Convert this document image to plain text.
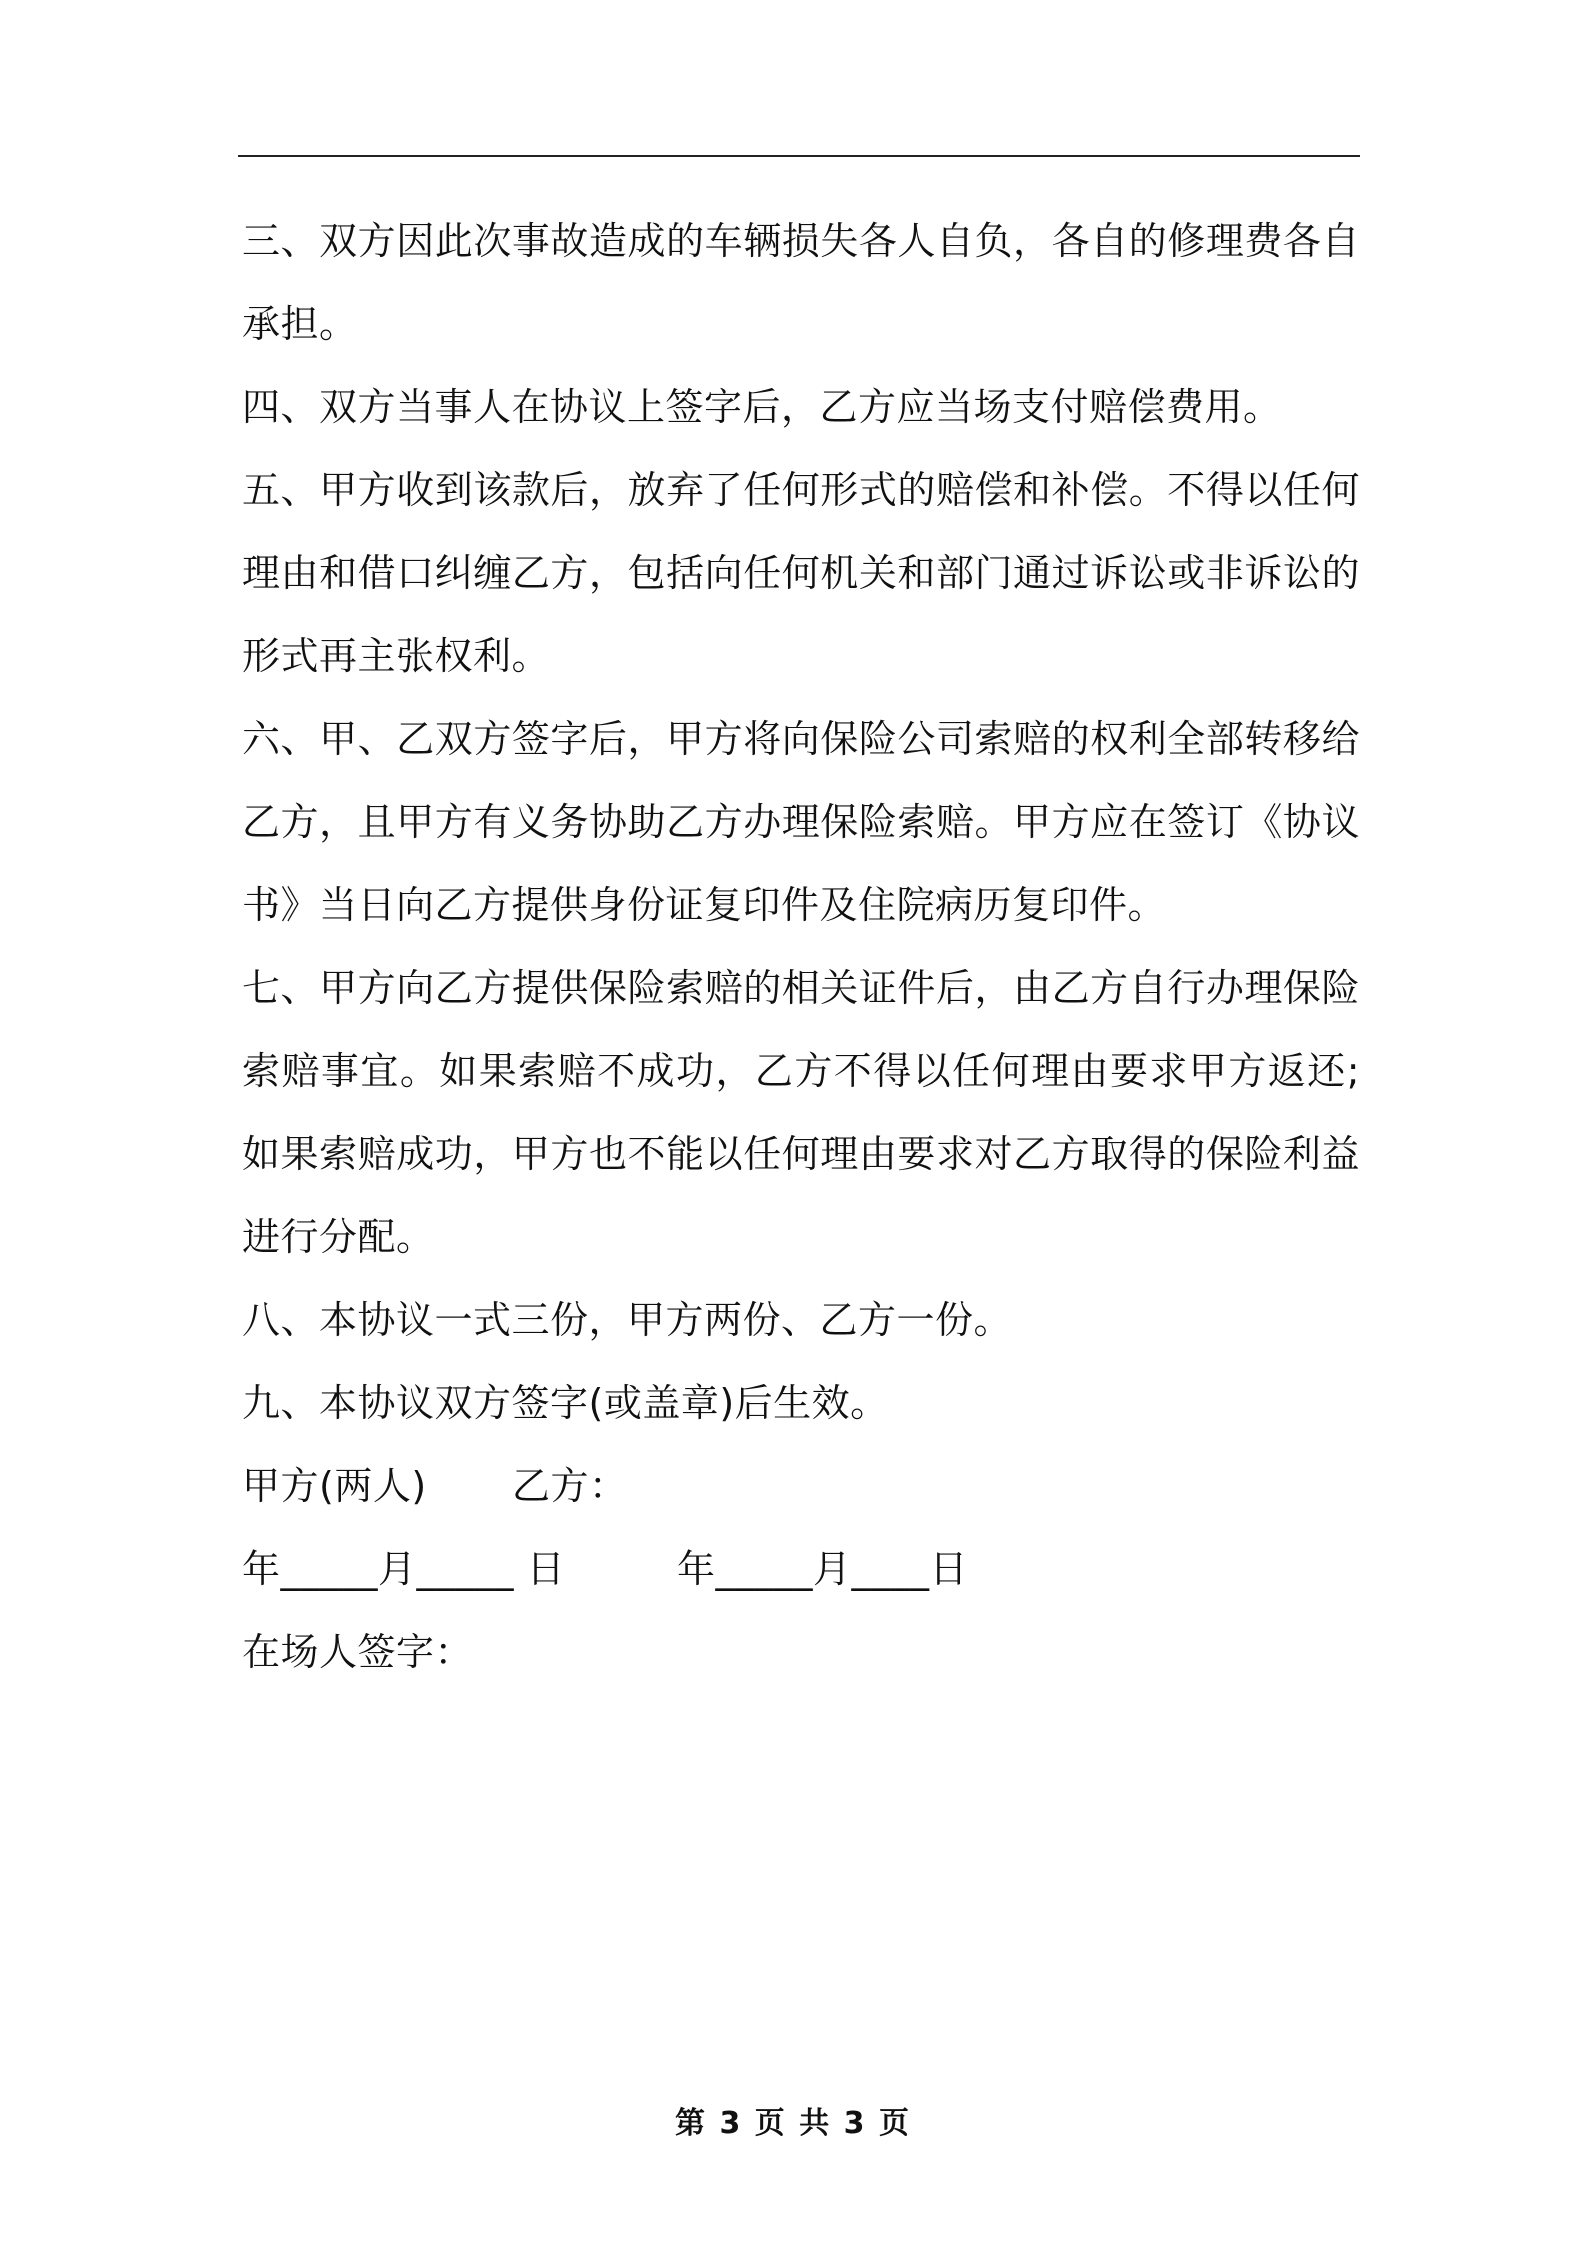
三、双方因此次事故造成的车辆损失各人自负，各自的修理费各自承担。

四、双方当事人在协议上签字后，乙方应当场支付赔偿费用。

五、甲方收到该款后，放弃了任何形式的赔偿和补偿。不得以任何理由和借口纠缠乙方，包括向任何机关和部门通过诉讼或非诉讼的形式再主张权利。

六、甲、乙双方签字后，甲方将向保险公司索赔的权利全部转移给乙方，且甲方有义务协助乙方办理保险索赔。甲方应在签订《协议书》当日向乙方提供身份证复印件及住院病历复印件。

七、甲方向乙方提供保险索赔的相关证件后，由乙方自行办理保险索赔事宜。如果索赔不成功，乙方不得以任何理由要求甲方返还;如果索赔成功，甲方也不能以任何理由要求对乙方取得的保险利益进行分配。

八、本协议一式三份，甲方两份、乙方一份。

九、本协议双方签字(或盖章)后生效。

甲方(两人)

乙方：

年_____月_____ 日

	年_____月____日

在场人签字：

第 3 页 共 3 页
